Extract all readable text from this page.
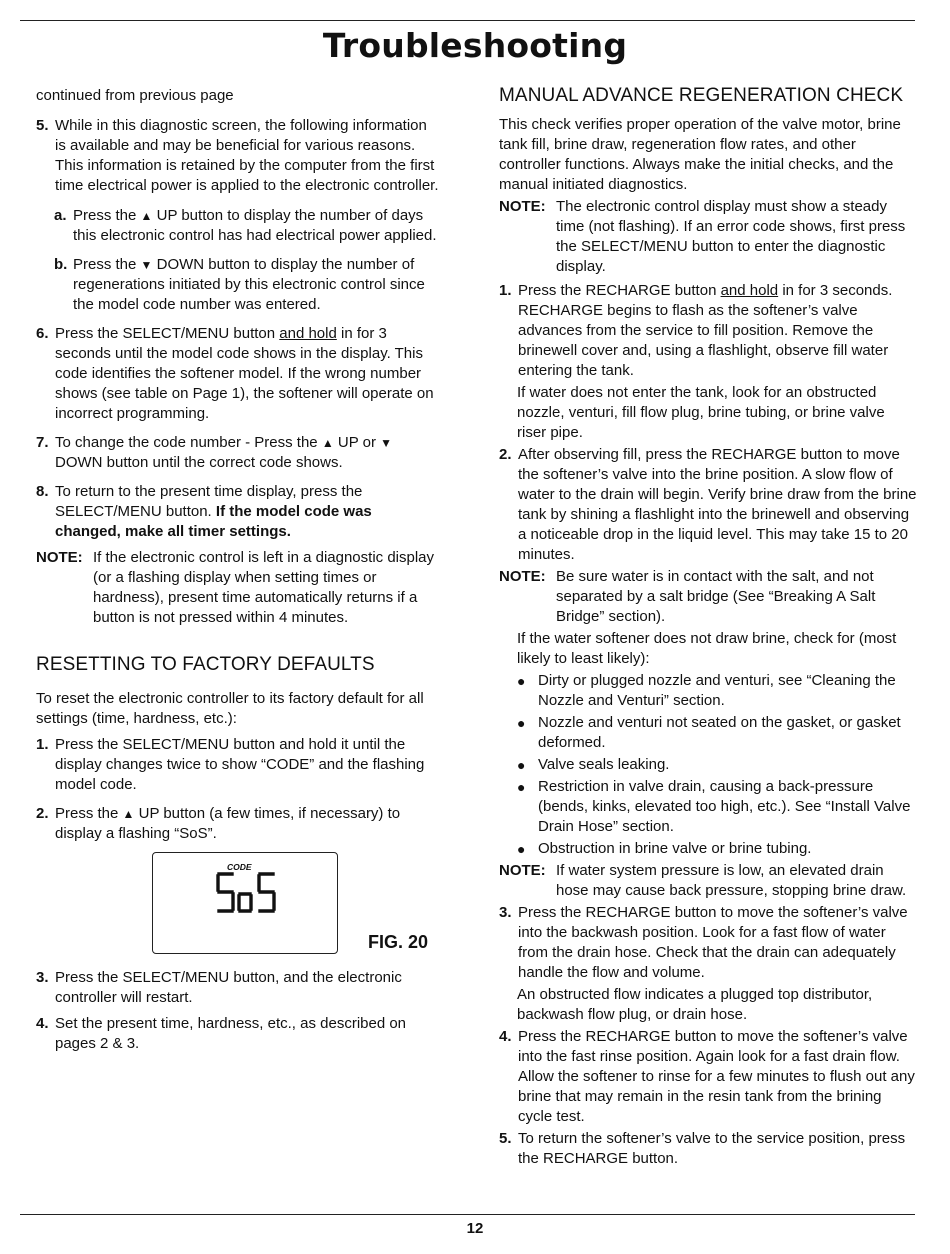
Troubleshooting

continued from previous page

5. While in this diagnostic screen, the following information is available and may be beneficial for various reasons. This information is retained by the computer from the first time electrical power is applied to the electronic controller.
a. Press the ▲ UP button to display the number of days this electronic control has had electrical power applied.
b. Press the ▼ DOWN button to display the number of regenerations initiated by this electronic control since the model code number was entered.
6. Press the SELECT/MENU button and hold in for 3 seconds until the model code shows in the display. This code identifies the softener model. If the wrong number shows (see table on Page 1), the softener will operate on incorrect programming.
7. To change the code number - Press the ▲ UP or ▼ DOWN button until the correct code shows.
8. To return to the present time display, press the SELECT/MENU button. If the model code was changed, make all timer settings.
NOTE: If the electronic control is left in a diagnostic display (or a flashing display when setting times or hardness), present time automatically returns if a button is not pressed within 4 minutes.
RESETTING TO FACTORY DEFAULTS

To reset the electronic controller to its factory default for all settings (time, hardness, etc.):

1. Press the SELECT/MENU button and hold it until the display changes twice to show “CODE” and the flashing model code.
2. Press the ▲ UP button (a few times, if necessary) to display a flashing “SoS”.
CODE
FIG. 20
3. Press the SELECT/MENU button, and the electronic controller will restart.
4. Set the present time, hardness, etc., as described on pages 2 & 3.
MANUAL ADVANCE REGENERATION CHECK

This check verifies proper operation of the valve motor, brine tank fill, brine draw, regeneration flow rates, and other controller functions. Always make the initial checks, and the manual initiated diagnostics.

NOTE: The electronic control display must show a steady time (not flashing). If an error code shows, first press the SELECT/MENU button to enter the diagnostic display.
1. Press the RECHARGE button and hold in for 3 seconds. RECHARGE begins to flash as the softener’s valve advances from the service to fill position. Remove the brinewell cover and, using a flashlight, observe fill water entering the tank.

If water does not enter the tank, look for an obstructed nozzle, venturi, fill flow plug, brine tubing, or brine valve riser pipe.

2. After observing fill, press the RECHARGE button to move the softener’s valve into the brine position. A slow flow of water to the drain will begin. Verify brine draw from the brine tank by shining a flashlight into the brinewell and observing a noticeable drop in the liquid level. This may take 15 to 20 minutes.
NOTE: Be sure water is in contact with the salt, and not separated by a salt bridge (See “Breaking A Salt Bridge” section).

If the water softener does not draw brine, check for (most likely to least likely):

● Dirty or plugged nozzle and venturi, see “Cleaning the Nozzle and Venturi” section.
● Nozzle and venturi not seated on the gasket, or gasket deformed.
● Valve seals leaking.
● Restriction in valve drain, causing a back-pressure (bends, kinks, elevated too high, etc.). See “Install Valve Drain Hose” section.
● Obstruction in brine valve or brine tubing.
NOTE: If water system pressure is low, an elevated drain hose may cause back pressure, stopping brine draw.
3. Press the RECHARGE button to move the softener’s valve into the backwash position. Look for a fast flow of water from the drain hose. Check that the drain can adequately handle the flow and volume.

An obstructed flow indicates a plugged top distributor, backwash flow plug, or drain hose.

4. Press the RECHARGE button to move the softener’s valve into the fast rinse position. Again look for a fast drain flow. Allow the softener to rinse for a few minutes to flush out any brine that may remain in the resin tank from the brining cycle test.
5. To return the softener’s valve to the service position, press the RECHARGE button.
12
